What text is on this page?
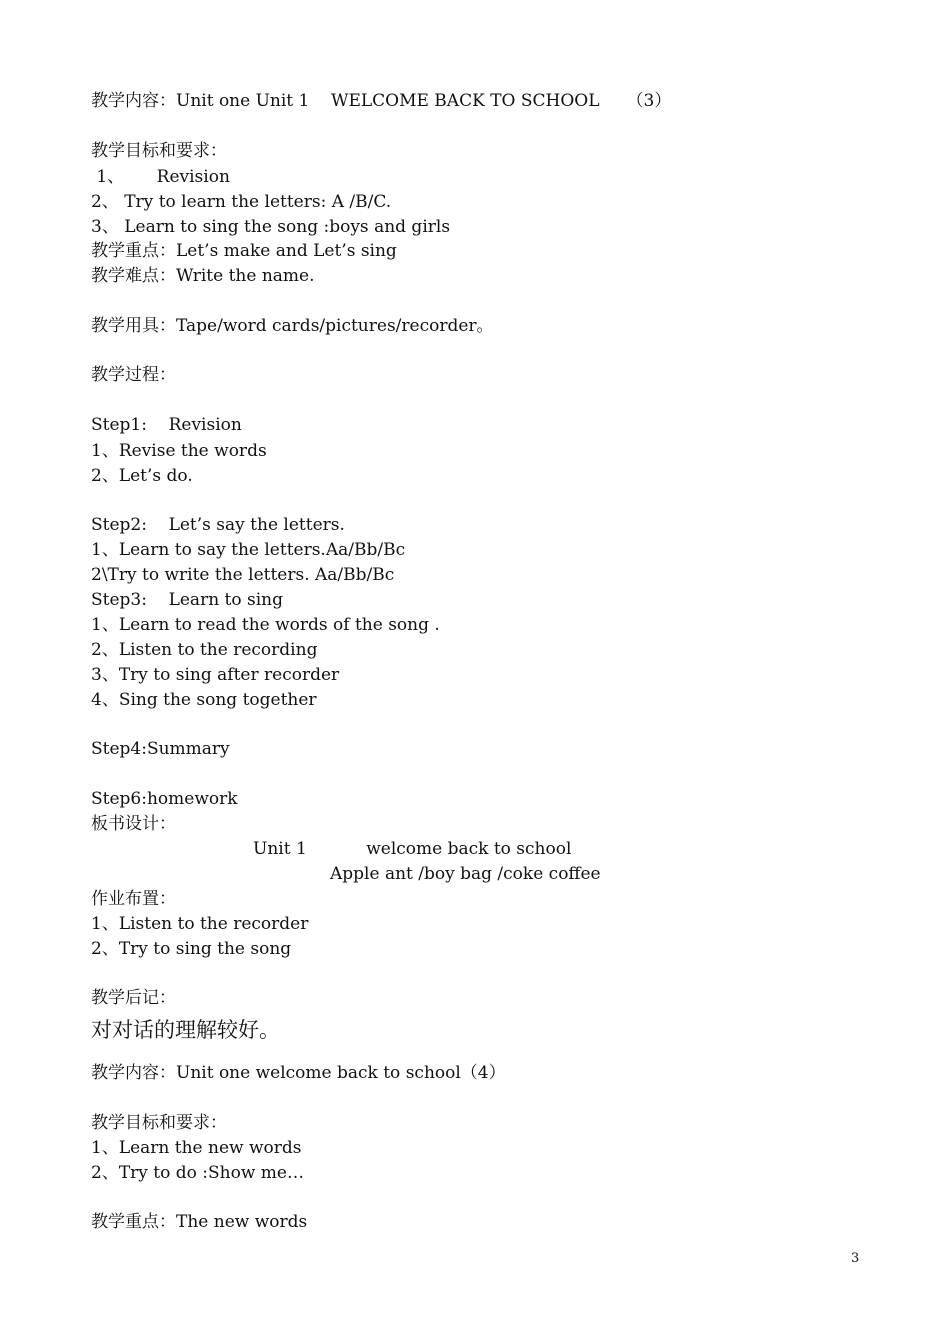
教学内容：Unit one Unit 1    WELCOME BACK TO SCHOOL     （3）
教学目标和要求：
1、      Revision
2、 Try to learn the letters: A /B/C.
3、 Learn to sing the song :boys and girls
教学重点：Let’s make and Let’s sing
教学难点：Write the name.
教学用具：Tape/word cards/pictures/recorder。
教学过程：
Step1:    Revision
1、Revise the words
2、Let’s do.
Step2:    Let’s say the letters.
1、Learn to say the letters.Aa/Bb/Bc
2\Try to write the letters. Aa/Bb/Bc
Step3:    Learn to sing
1、Learn to read the words of the song .
2、Listen to the recording
3、Try to sing after recorder
4、Sing the song together
Step4:Summary
Step6:homework
板书设计：
Unit 1           welcome back to school
Apple ant /boy bag /coke coffee
作业布置：
1、Listen to the recorder
2、Try to sing the song
教学后记：
对对话的理解较好。
教学内容：Unit one welcome back to school（4）
教学目标和要求：
1、Learn the new words
2、Try to do :Show me…
教学重点：The new words
3
